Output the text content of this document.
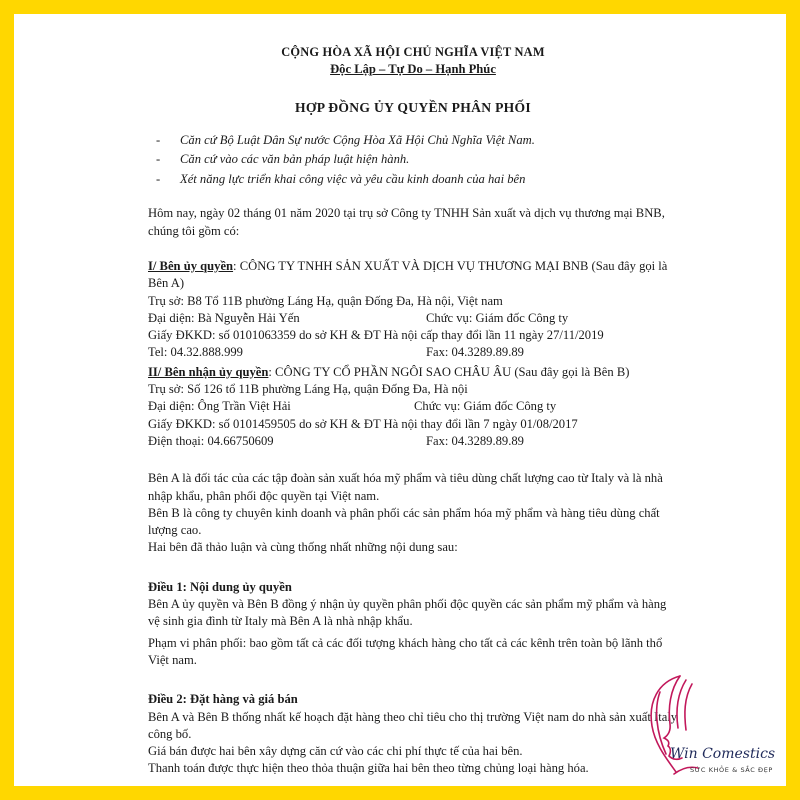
CỘNG HÒA XÃ HỘI CHỦ NGHĨA VIỆT NAM

Độc Lập – Tự Do – Hạnh Phúc

HỢP ĐỒNG ỦY QUYỀN PHÂN PHỐI

- Căn cứ Bộ Luật Dân Sự nước Cộng Hòa Xã Hội Chủ Nghĩa Việt Nam.
- Căn cứ vào các văn bản pháp luật hiện hành.
- Xét năng lực triển khai công việc và yêu cầu kinh doanh của hai bên

Hôm nay, ngày 02 tháng 01 năm 2020 tại trụ sở Công ty TNHH Sản xuất và dịch vụ thương mại BNB, chúng tôi gồm có:

I/ Bên ủy quyền: CÔNG TY TNHH SẢN XUẤT VÀ DỊCH VỤ THƯƠNG MẠI BNB (Sau đây gọi là Bên A)

Trụ sở: B8 Tổ 11B phường Láng Hạ, quận Đống Đa, Hà nội, Việt nam

Đại diện: Bà Nguyễn Hải Yến	Chức vụ: Giám đốc Công ty

Giấy ĐKKD: số 0101063359 do sở KH & ĐT Hà nội cấp thay đổi lần 11 ngày 27/11/2019

Tel: 04.32.888.999	Fax: 04.3289.89.89

II/ Bên nhận ủy quyền: CÔNG TY CỔ PHẦN NGÔI SAO CHÂU ÂU (Sau đây gọi là Bên B)

Trụ sở: Số 126 tổ 11B phường Láng Hạ, quận Đống Đa, Hà nội

Đại diện: Ông Trần Việt Hải	Chức vụ: Giám đốc Công ty

Giấy ĐKKD: số 0101459505 do sở KH & ĐT Hà nội thay đổi lần 7 ngày 01/08/2017

Điện thoại: 04.66750609	Fax: 04.3289.89.89

Bên A là đối tác của các tập đoàn sản xuất hóa mỹ phẩm và tiêu dùng chất lượng cao từ Italy và là nhà nhập khẩu, phân phối độc quyền tại Việt nam.

Bên B là công ty chuyên kinh doanh và phân phối các sản phẩm hóa mỹ phẩm và hàng tiêu dùng chất lượng cao.

Hai bên đã thảo luận và cùng thống nhất những nội dung sau:

Điều 1: Nội dung ủy quyền

Bên A ủy quyền và Bên B đồng ý nhận ủy quyền phân phối độc quyền các sản phẩm mỹ phẩm và hàng vệ sinh gia đình từ Italy mà Bên A là nhà nhập khẩu.

Phạm vi phân phối: bao gồm tất cả các đối tượng khách hàng cho tất cả các kênh trên toàn bộ lãnh thổ Việt nam.

Điều 2: Đặt hàng và giá bán

Bên A và Bên B thống nhất kế hoạch đặt hàng theo chỉ tiêu cho thị trường Việt nam do nhà sản xuất Italy công bố.

Giá bán được hai bên xây dựng căn cứ vào các chi phí thực tế của hai bên.

Thanh toán được thực hiện theo thỏa thuận giữa hai bên theo từng chủng loại hàng hóa.

Win Comestics
SỨC KHỎE & SẮC ĐẸP
